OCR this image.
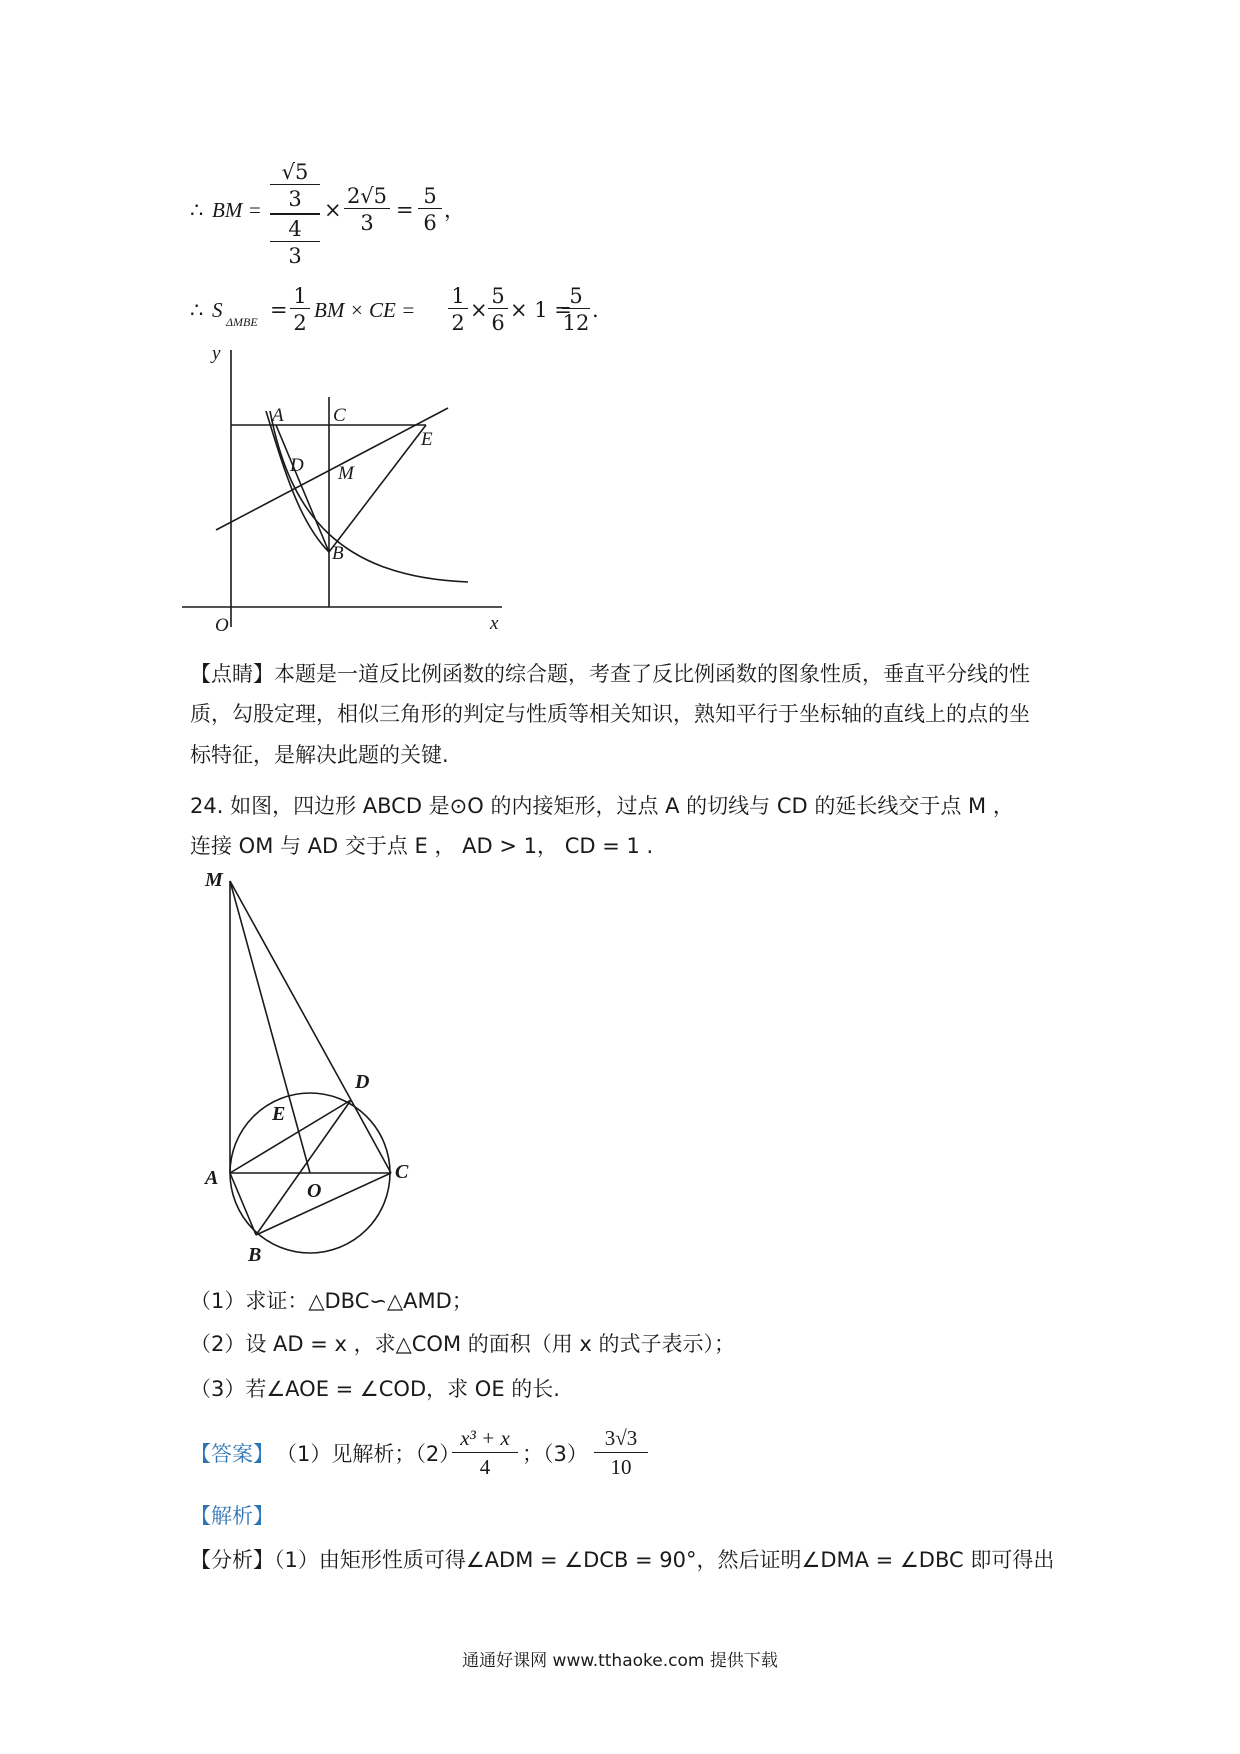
∴ BM =
√5
3
4
3
× $\frac{2√5}{3} = \frac{5}{6}$ ，
∴ S $\Delta MBE = \frac{1}{2}$ BM × CE = $\frac{1}{2} \times \frac{5}{6} \times 1$ =
$\frac{5}{12}$ .
y
x
O
A	C
E
D M
B
【点睛】本题是一道反比例函数的综合题，考查了反比例函数的图象性质，垂直平分线的性
质，勾股定理，相似三角形的判定与性质等相关知识，熟知平行于坐标轴的直线上的点的坐
标特征，是解决此题的关键.
24. 如图，四边形 ABCD 是⊙O 的内接矩形，过点 A 的切线与 CD 的延长线交于点 M ，
连接 OM 与 AD 交于点 E ， AD > 1， CD = 1 .
M
D
E
A
O
C
B
（1）求证：△DBC∽△AMD；
（2）设 AD = x ，求△COM 的面积（用 x 的式子表示）；
（3）若∠AOE = ∠COD，求 OE 的长.
【答案】 （1）见解析；（2）
$\frac{\text{x³ + x}}{4}$ ；$(3) \frac{3√3}{10}$
【解析】
【分析】（1）由矩形性质可得∠ADM = ∠DCB = 90°，然后证明∠DMA = ∠DBC 即可得出
通通好课网 www.tthaoke.com 提供下载
